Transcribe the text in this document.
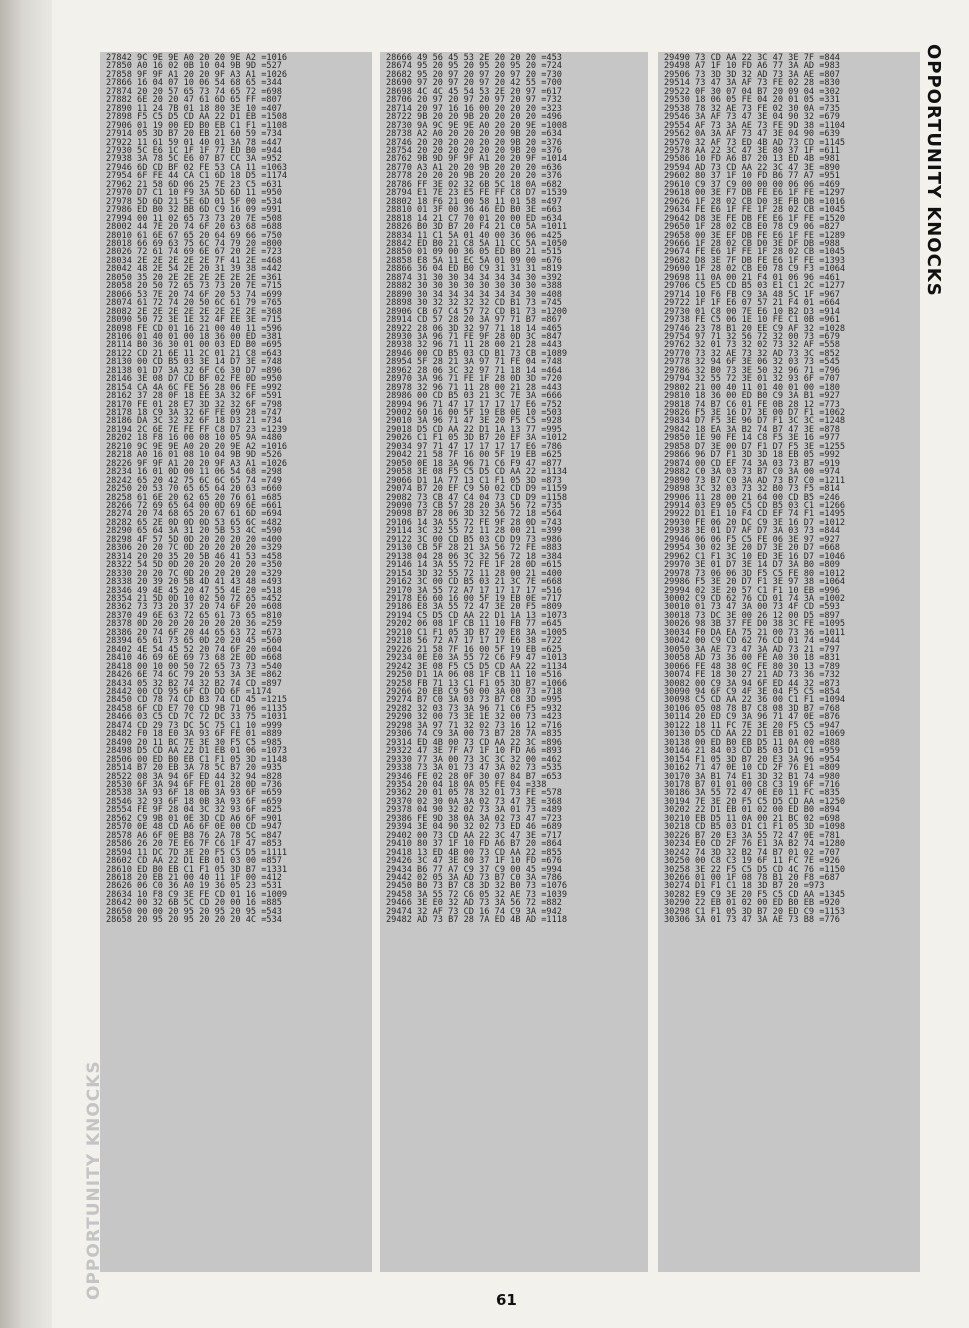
27842 9C 9E 9E A0 20 20 9E A2 =1016
27850 A0 16 02 0B 10 04 9B 9D =527
27858 9F 9F A1 20 20 9F A3 A1 =1026
27866 16 04 07 10 06 54 68 65 =344
27874 20 20 57 65 73 74 65 72 =698
27882 6E 20 20 47 61 6D 65 FF =807
27890 11 24 7B 01 18 80 3E 10 =407
27898 F5 C5 D5 CD AA 22 D1 EB =1508
27906 01 19 00 ED B0 EB C1 F1 =1108
27914 05 3D B7 20 EB 21 60 59 =734
27922 11 61 59 01 40 01 3A 78 =447
27930 5C E6 1C 1F 1F 77 ED B0 =944
27938 3A 78 5C E6 07 B7 CC 3A =952
27946 6D CD BF 02 FE 53 CA 11 =1063
27954 6F FE 44 CA C1 6D 18 D5 =1174
27962 21 58 6D 06 25 7E 23 C5 =631
27970 D7 C1 10 F9 3A 5D 6D 11 =950
27978 5D 6D 21 5E 6D 01 5F 00 =534
27986 ED B0 32 BB 6D C9 16 09 =991
27994 00 11 02 65 73 73 20 7E =508
28002 44 7E 20 74 6F 20 63 68 =688
28010 61 6E 67 65 20 64 69 66 =750
28018 66 69 63 75 6C 74 79 20 =800
28026 72 61 74 69 6E 67 20 2E =723
28034 2E 2E 2E 2E 2E 7F 41 2E =468
28042 48 2E 54 2E 20 31 39 38 =442
28050 35 20 2E 2E 2E 2E 2E 2E =361
28058 20 50 72 65 73 73 20 7E =715
28066 53 7E 20 74 6F 20 53 74 =699
28074 61 72 74 20 50 6C 61 79 =765
28082 2E 2E 2E 2E 2E 2E 2E 2E =368
28090 50 72 3E 1E 32 4F EE 3E =715
28098 FE CD 01 16 21 00 40 11 =596
28106 01 40 01 00 18 36 00 ED =381
28114 B0 36 30 01 00 03 ED B0 =695
28122 CD 21 6E 11 2C 01 21 C8 =643
28130 00 CD B5 03 3E 14 D7 3E =748
28138 01 D7 3A 32 6F C6 30 D7 =896
28146 3E 08 D7 CD BF 02 FE 0D =950
28154 CA 4A 6C FE 56 28 06 FE =992
28162 37 28 0F 18 EE 3A 32 6F =591
28170 FE 01 28 E7 3D 32 32 6F =798
28178 18 C9 3A 32 6F FE 09 28 =747
28186 DA 3C 32 32 6F 18 D3 21 =734
28194 2C 6E 7E FE FF C8 D7 23 =1239
28202 18 F8 16 00 08 10 05 9A =480
28210 9C 9E 9E A0 20 20 9E A2 =1016
28218 A0 16 01 08 10 04 9B 9D =526
28226 9F 9F A1 20 20 9F A3 A1 =1026
28234 16 01 0D 00 11 06 54 68 =298
28242 65 20 42 75 6C 6C 65 74 =749
28250 20 53 70 65 65 64 20 63 =660
28258 61 6E 20 62 65 20 76 61 =685
28266 72 69 65 64 00 0D 69 6E =661
28274 20 74 68 65 20 67 61 6D =694
28282 65 2E 0D 0D 0D 53 65 6C =482
28290 65 64 3A 31 20 5B 53 4C =590
28298 4F 57 5D 0D 20 20 20 20 =400
28306 20 20 7C 0D 20 20 20 20 =329
28314 20 20 35 20 5B 46 41 53 =458
28322 54 5D 0D 20 20 20 20 20 =350
28330 20 20 7C 0D 20 20 20 20 =329
28338 20 39 20 5B 4D 41 43 48 =493
28346 49 4E 45 20 47 55 4E 20 =518
28354 21 5D 0D 10 02 50 72 65 =452
28362 73 73 20 37 20 74 6F 20 =608
28370 49 6E 63 72 65 61 73 65 =810
28378 0D 20 20 20 20 20 20 36 =259
28386 20 74 6F 20 44 65 63 72 =673
28394 65 61 73 65 0D 20 20 45 =560
28402 4E 54 45 52 20 74 6F 20 =604
28410 46 69 6E 69 73 68 2E 0D =668
28418 00 10 00 50 72 65 73 73 =540
28426 6E 74 6C 79 20 53 3A 3E =862
28434 05 32 B2 74 32 B2 74 CD =897
28442 00 CD 95 6F CD DD 6F =1174
28450 CD 78 74 CD B3 74 CD 45 =1215
28458 6F CD E7 70 CD 9B 71 06 =1135
28466 03 C5 CD 7C 72 DC 33 75 =1031
28474 CD 29 73 DC 5C 75 C1 10 =999
28482 F0 18 E0 3A 93 6F FE 01 =889
28490 20 11 BC 7E 3E 30 F5 C5 =985
28498 D5 CD AA 22 D1 EB 01 06 =1073
28506 00 ED B0 EB C1 F1 05 3D =1148
28514 B7 20 EB 3A 78 5C B7 20 =935
28522 08 3A 94 6F ED 44 32 94 =828
28530 6F 3A 94 6F FE 01 28 0D =736
28538 3A 93 6F 18 0B 3A 93 6F =659
28546 32 93 6F 18 0B 3A 93 6F =659
28554 FE 9F 28 04 3C 32 93 6F =825
28562 C9 9B 01 0E 3D CD A6 6F =901
28570 0E 48 CD A6 6F 0E 00 CD =947
28578 A6 6F 0E B8 76 2A 78 5C =847
28586 26 20 7E E6 7F C6 1F 47 =853
28594 11 DC 7D 3E 20 F5 C5 D5 =1111
28602 CD AA 22 D1 EB 01 03 00 =857
28610 ED B0 EB C1 F1 05 3D B7 =1331
28618 20 EB 21 00 40 11 1F 00 =412
28626 06 C0 36 A0 19 36 05 23 =531
28634 10 F8 C9 3E FE CD 01 16 =1009
28642 00 32 6B 5C CD 20 00 16 =885
28650 00 00 20 95 20 95 20 95 =543
28658 20 95 20 95 20 20 20 4C =534
28666 49 56 45 53 2E 20 20 20 =453
28674 95 20 95 20 95 20 95 20 =724
28682 95 20 97 20 97 20 97 20 =730
28690 97 20 97 20 97 20 42 55 =700
28698 4C 4C 45 54 53 2E 20 97 =617
28706 20 97 20 97 20 97 20 97 =732
28714 20 97 16 16 00 20 20 20 =323
28722 9B 20 20 9B 20 20 20 20 =496
28730 9A 9C 9E 9E A0 20 20 9E =1008
28738 A2 A0 20 20 20 20 9B 20 =634
28746 20 20 20 20 20 20 9B 20 =376
28754 20 20 20 20 20 20 9B 20 =376
28762 9B 9D 9F 9F A1 20 20 9F =1014
28770 A3 A1 20 20 9B 20 20 20 =636
28778 20 20 20 9B 20 20 20 20 =376
28786 FF 3E 02 32 6B 5C 18 0A =682
28794 E1 7E 23 E5 FE FF C8 D7 =1539
28802 18 F6 21 00 58 11 01 58 =497
28810 01 3F 00 36 46 ED B0 3E =663
28818 14 21 C7 70 01 20 00 ED =634
28826 B0 3D B7 20 F4 21 C0 5A =1011
28834 11 C1 5A 01 40 00 36 06 =425
28842 ED B0 21 C8 5A 11 CC 5A =1050
28850 01 09 00 36 05 ED B0 21 =515
28858 E8 5A 11 EC 5A 01 09 00 =676
28866 36 04 ED B0 C9 31 31 31 =819
28874 31 30 30 34 34 34 34 30 =392
28882 30 30 30 30 30 30 30 30 =388
28890 30 34 34 34 34 34 34 30 =408
28898 30 32 32 32 32 CD B1 73 =745
28906 CB 67 C4 57 72 CD B1 73 =1200
28914 CD 57 28 20 3A 97 71 B7 =867
28922 28 06 3D 32 97 71 18 14 =465
28930 3A 96 71 FE 9F 28 0D 3C =847
28938 32 96 71 11 28 00 21 28 =443
28946 00 CD B5 03 CD B1 73 CB =1089
28954 5F 28 21 3A 97 71 FE 04 =748
28962 28 06 3C 32 97 71 18 14 =464
28970 3A 96 71 FE 1F 28 0D 3D =720
28978 32 96 71 11 28 00 21 28 =443
28986 00 CD B5 03 21 3C 7E 3A =666
28994 96 71 47 17 17 17 17 E6 =752
29002 60 16 00 5F 19 EB 0E 10 =503
29010 3A 96 71 47 3E 20 F5 C5 =928
29018 D5 CD AA 22 D1 1A 13 77 =995
29026 C1 F1 05 3D B7 20 EF 3A =1012
29034 97 71 47 17 17 17 17 E6 =786
29042 21 58 7F 16 00 5F 19 EB =625
29050 0E 18 3A 96 71 C6 F9 47 =877
29058 3E 08 F5 C5 D5 CD AA 22 =1134
29066 D1 1A 77 13 C1 F1 05 3D =873
29074 B7 20 EF C9 50 02 CD D9 =1159
29082 73 CB 47 C4 04 73 CD D9 =1158
29090 73 CB 57 28 20 3A 56 72 =735
29098 B7 28 06 3D 32 56 72 18 =564
29106 14 3A 55 72 FE 9F 28 0D =743
29114 3C 32 55 72 11 28 00 21 =399
29122 3C 00 CD B5 03 CD D9 73 =986
29130 CB 5F 28 21 3A 56 72 FE =883
29138 04 28 06 3C 32 56 72 18 =384
29146 14 3A 55 72 FE 1F 28 0D =615
29154 3D 32 55 72 11 28 00 21 =400
29162 3C 00 CD B5 03 21 3C 7E =668
29170 3A 55 72 A7 17 17 17 17 =516
29178 E6 60 16 00 5F 19 EB 0E =717
29186 E8 3A 55 72 47 3E 20 F5 =809
29194 C5 D5 CD AA 22 D1 1A 13 =1073
29202 06 08 1F CB 11 10 FB 77 =645
29210 C1 F1 05 3D B7 20 E8 3A =1005
29218 56 72 A7 17 17 17 E6 38 =722
29226 21 58 7F 16 00 5F 19 EB =625
29234 0E E0 3A 55 72 C6 F9 47 =1013
29242 3E 08 F5 C5 D5 CD AA 22 =1134
29250 D1 1A 06 08 1F CB 11 10 =516
29258 FB 71 13 C1 F1 05 3D B7 =1066
29266 20 EB C9 50 00 3A 00 73 =718
29274 B7 C0 3A 03 73 B7 C8 3D =995
29282 32 03 73 3A 96 71 C6 F5 =932
29290 32 00 73 3E 1E 32 00 73 =423
29298 3A 97 71 32 02 73 16 12 =716
29306 74 C9 3A 00 73 B7 28 7A =835
29314 ED 4B 00 73 CD AA 22 3C =896
29322 47 3E 7F A7 1F 10 FD A6 =893
29330 77 3A 00 73 3C 3C 32 00 =462
29338 73 3A 01 73 47 3A 02 73 =535
29346 FE 02 28 0F 30 07 84 B7 =653
29354 20 04 18 0A 05 FE 04 =338
29362 20 01 05 78 32 01 73 FE =578
29370 02 30 0A 3A 02 73 47 3E =368
29378 04 90 32 02 73 3A 01 73 =489
29386 FE 9D 38 0A 3A 02 73 47 =723
29394 3E 04 90 32 02 73 ED 46 =689
29402 00 73 CD AA 22 3C 47 3E =717
29410 80 37 1F 10 FD A6 B7 20 =864
29418 13 ED 4B 00 73 CD AA 22 =855
29426 3C 47 3E 80 37 1F 10 FD =676
29434 B6 77 A7 C9 37 C9 00 45 =994
29442 02 05 3A AD 73 B7 C0 3A =786
29450 B0 73 B7 C8 3D 32 B0 73 =1076
29458 3A 55 72 C6 05 32 AE 73 =1039
29466 3E E0 32 AD 73 3A 56 72 =882
29474 32 AF 73 CD 16 74 C9 3A =942
29482 AD 73 B7 28 7A ED 4B AD =1118
29490 73 CD AA 22 3C 47 3E 7F =844
29498 A7 1F 10 FD A6 77 3A AD =983
29506 73 3D 3D 32 AD 73 3A AE =807
29514 73 47 3A AF 73 FE 02 28 =830
29522 0F 30 07 04 B7 20 09 04 =302
29530 18 06 05 FE 04 20 01 05 =331
29538 78 32 AE 73 FE 02 30 0A =735
29546 3A AF 73 47 3E 04 90 32 =679
29554 AF 73 3A AE 73 FE 9D 38 =1104
29562 0A 3A AF 73 47 3E 04 90 =639
29570 32 AF 73 ED 4B AD 73 CD =1145
29578 AA 22 3C 47 3E 80 37 1F =611
29586 10 FD A6 B7 20 13 ED 4B =981
29594 AD 73 CD AA 22 3C 47 3E =890
29602 80 37 1F 10 FD B6 77 A7 =951
29610 C9 37 C9 00 00 00 06 06 =469
29618 00 3E F7 DB FE E6 1F FE =1297
29626 1F 28 02 CB D0 3E FB DB =1016
29634 FE E6 1F FE 1F 28 02 CB =1045
29642 D8 3E FE DB FE E6 1F FE =1520
29650 1F 28 02 CB E0 78 C9 06 =827
29658 00 3E EF DB FE E6 1F FE =1289
29666 1F 28 02 CB D0 3E DF DB =988
29674 FE E6 1F FE 1F 28 02 CB =1045
29682 D8 3E 7F DB FE E6 1F FE =1393
29690 1F 28 02 CB E0 78 C9 F3 =1064
29698 11 0A 00 21 F4 01 06 96 =461
29706 C5 E5 CD B5 03 E1 C1 2C =1277
29714 10 F6 FB C9 3A 48 5C 1F =967
29722 1F 1F E6 07 57 21 F4 01 =664
29730 01 C8 00 7E E6 10 B2 D3 =914
29738 FE C5 06 1E 10 FE C1 0B =961
29746 23 78 B1 20 EE C9 AF 32 =1028
29754 97 71 32 56 72 32 00 73 =679
29762 32 01 73 32 02 73 32 AF =558
29770 73 32 AE 73 32 AD 73 3C =852
29778 32 94 6F 3E 06 32 03 73 =545
29786 32 B0 73 3E 50 32 96 71 =796
29794 32 55 72 3E 01 32 93 6F =707
29802 21 00 40 11 01 40 01 00 =180
29810 18 36 00 ED B0 C9 3A B1 =927
29818 74 B7 C6 01 FE 0B 28 12 =773
29826 F5 3E 16 D7 3E 00 D7 F1 =1062
29834 D7 F5 3E 96 D7 F1 3C 3C =1248
29842 18 EA 3A B2 74 B7 47 3E =878
29850 1E 90 FE 14 C8 F5 3E 16 =977
29858 D7 3E 00 D7 F1 D7 F5 3E =1255
29866 96 D7 F1 3D 3D 18 EB 05 =992
29874 00 CD EF 74 3A 03 73 B7 =919
29882 C0 3A 03 73 B7 C0 3A 00 =974
29890 73 B7 C0 3A AD 73 B7 C0 =1211
29898 3C 32 03 73 32 B0 73 F5 =814
29906 11 28 00 21 64 00 CD B5 =246
29914 03 E9 05 C5 CD B5 03 C1 =1266
29922 D1 E1 10 F4 CD EF 74 F1 =1495
29930 FE 06 20 DC C9 3E 16 D7 =1012
29938 3E 01 D7 AF D7 3A 03 73 =844
29946 06 06 F5 C5 FE 06 3E 97 =927
29954 30 02 3E 20 D7 3E 20 D7 =668
29962 C1 F1 3C 10 ED 3E 16 D7 =1046
29970 3E 01 D7 3E 14 D7 3A B0 =809
29978 73 06 06 3D F5 C5 FE 80 =1012
29986 F5 3E 20 D7 F1 3E 97 38 =1064
29994 02 3E 20 57 C1 F1 10 EB =996
30002 C9 CD 62 76 CD 01 74 3A =1002
30010 01 73 47 3A 00 73 4F CD =593
30018 73 DC 3E 00 26 12 00 D5 =897
30026 98 3B 37 FE D0 38 3C FE =1095
30034 F0 DA EA 75 21 00 73 36 =1011
30042 00 C9 CD 62 76 CD 01 74 =944
30050 3A AE 73 47 3A AD 73 21 =797
30058 AD 73 36 00 FE A0 30 18 =831
30066 FE 48 38 0C FE 80 30 13 =789
30074 FE 18 30 27 21 AD 73 36 =732
30082 00 C9 3A 94 6F ED 44 32 =873
30090 94 6F C9 4F 3E 04 F5 C5 =854
30098 C5 CD AA 22 36 00 C1 F1 =1094
30106 05 08 78 B7 C8 08 3D B7 =768
30114 20 ED C9 3A 96 71 47 0E =876
30122 18 11 FC 7E 3E 20 F5 C5 =947
30130 D5 CD AA 22 D1 EB 01 02 =1069
30138 00 ED B0 EB D5 11 0A 00 =888
30146 21 84 03 CD B5 03 D1 C1 =959
30154 F1 05 3D B7 20 E3 3A 96 =954
30162 71 47 0E 10 CD 2F 76 E1 =809
30170 3A B1 74 E1 3D 32 B1 74 =980
30178 B7 01 01 00 C8 C3 19 6F =716
30186 3A 55 72 47 0E E0 11 FC =835
30194 7E 3E 20 F5 C5 D5 CD AA =1250
30202 22 D1 EB 01 02 00 ED B0 =894
30210 EB D5 11 0A 00 21 BC 02 =698
30218 CD B5 03 D1 C1 F1 05 3D =1098
30226 B7 20 E3 3A 55 72 47 0E =781
30234 E0 CD 2F 76 E1 3A B2 74 =1280
30242 74 3D 32 B2 74 B7 01 02 =707
30250 00 C8 C3 19 6F 11 FC 7E =926
30258 3E 22 F5 C5 D5 CD 4C 76 =1150
30266 01 00 1F 08 78 B1 20 F8 =687
30274 D1 F1 C1 18 3D B7 20 =973
30282 E9 C9 3E 20 F5 C5 CD AA =1345
30290 22 EB 01 02 00 ED B0 EB =920
30298 C1 F1 05 3D B7 20 ED C9 =1153
30306 3A 01 73 47 3A AE 73 B8 =776
OPPORTUNITY KNOCKS
OPPORTUNITY KNOCKS	61
